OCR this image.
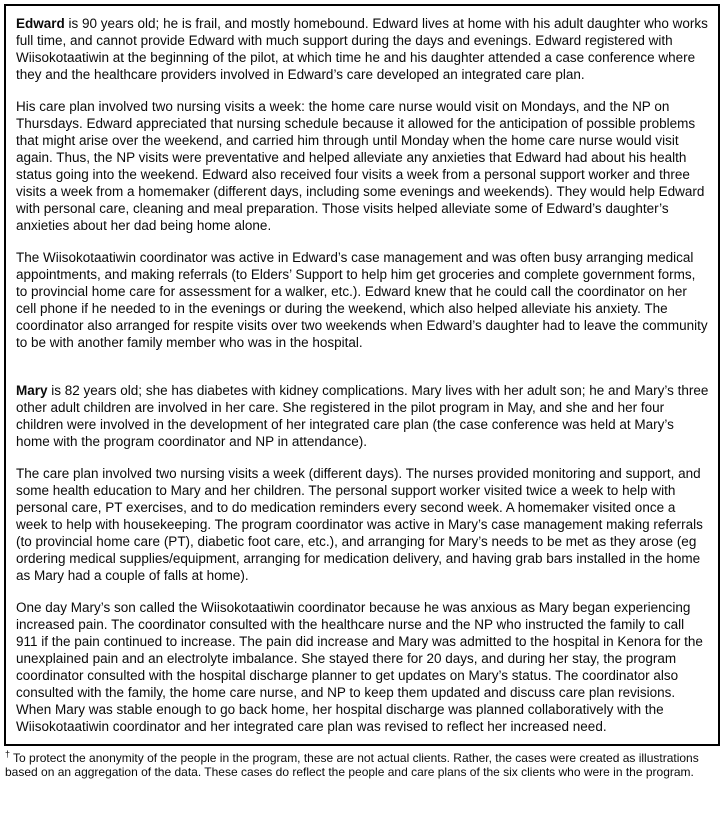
Edward is 90 years old; he is frail, and mostly homebound. Edward lives at home with his adult daughter who works full time, and cannot provide Edward with much support during the days and evenings. Edward registered with Wiisokotaatiwin at the beginning of the pilot, at which time he and his daughter attended a case conference where they and the healthcare providers involved in Edward’s care developed an integrated care plan.

His care plan involved two nursing visits a week: the home care nurse would visit on Mondays, and the NP on Thursdays. Edward appreciated that nursing schedule because it allowed for the anticipation of possible problems that might arise over the weekend, and carried him through until Monday when the home care nurse would visit again. Thus, the NP visits were preventative and helped alleviate any anxieties that Edward had about his health status going into the weekend. Edward also received four visits a week from a personal support worker and three visits a week from a homemaker (different days, including some evenings and weekends). They would help Edward with personal care, cleaning and meal preparation. Those visits helped alleviate some of Edward’s daughter’s anxieties about her dad being home alone.

The Wiisokotaatiwin coordinator was active in Edward’s case management and was often busy arranging medical appointments, and making referrals (to Elders’ Support to help him get groceries and complete government forms, to provincial home care for assessment for a walker, etc.). Edward knew that he could call the coordinator on her cell phone if he needed to in the evenings or during the weekend, which also helped alleviate his anxiety. The coordinator also arranged for respite visits over two weekends when Edward’s daughter had to leave the community to be with another family member who was in the hospital.

Mary is 82 years old; she has diabetes with kidney complications. Mary lives with her adult son; he and Mary’s three other adult children are involved in her care. She registered in the pilot program in May, and she and her four children were involved in the development of her integrated care plan (the case conference was held at Mary’s home with the program coordinator and NP in attendance).

The care plan involved two nursing visits a week (different days). The nurses provided monitoring and support, and some health education to Mary and her children. The personal support worker visited twice a week to help with personal care, PT exercises, and to do medication reminders every second week. A homemaker visited once a week to help with housekeeping. The program coordinator was active in Mary’s case management making referrals (to provincial home care (PT), diabetic foot care, etc.), and arranging for Mary’s needs to be met as they arose (eg ordering medical supplies/equipment, arranging for medication delivery, and having grab bars installed in the home as Mary had a couple of falls at home).

One day Mary’s son called the Wiisokotaatiwin coordinator because he was anxious as Mary began experiencing increased pain. The coordinator consulted with the healthcare nurse and the NP who instructed the family to call 911 if the pain continued to increase. The pain did increase and Mary was admitted to the hospital in Kenora for the unexplained pain and an electrolyte imbalance. She stayed there for 20 days, and during her stay, the program coordinator consulted with the hospital discharge planner to get updates on Mary’s status. The coordinator also consulted with the family, the home care nurse, and NP to keep them updated and discuss care plan revisions. When Mary was stable enough to go back home, her hospital discharge was planned collaboratively with the Wiisokotaatiwin coordinator and her integrated care plan was revised to reflect her increased need.

† To protect the anonymity of the people in the program, these are not actual clients. Rather, the cases were created as illustrations based on an aggregation of the data. These cases do reflect the people and care plans of the six clients who were in the program.
